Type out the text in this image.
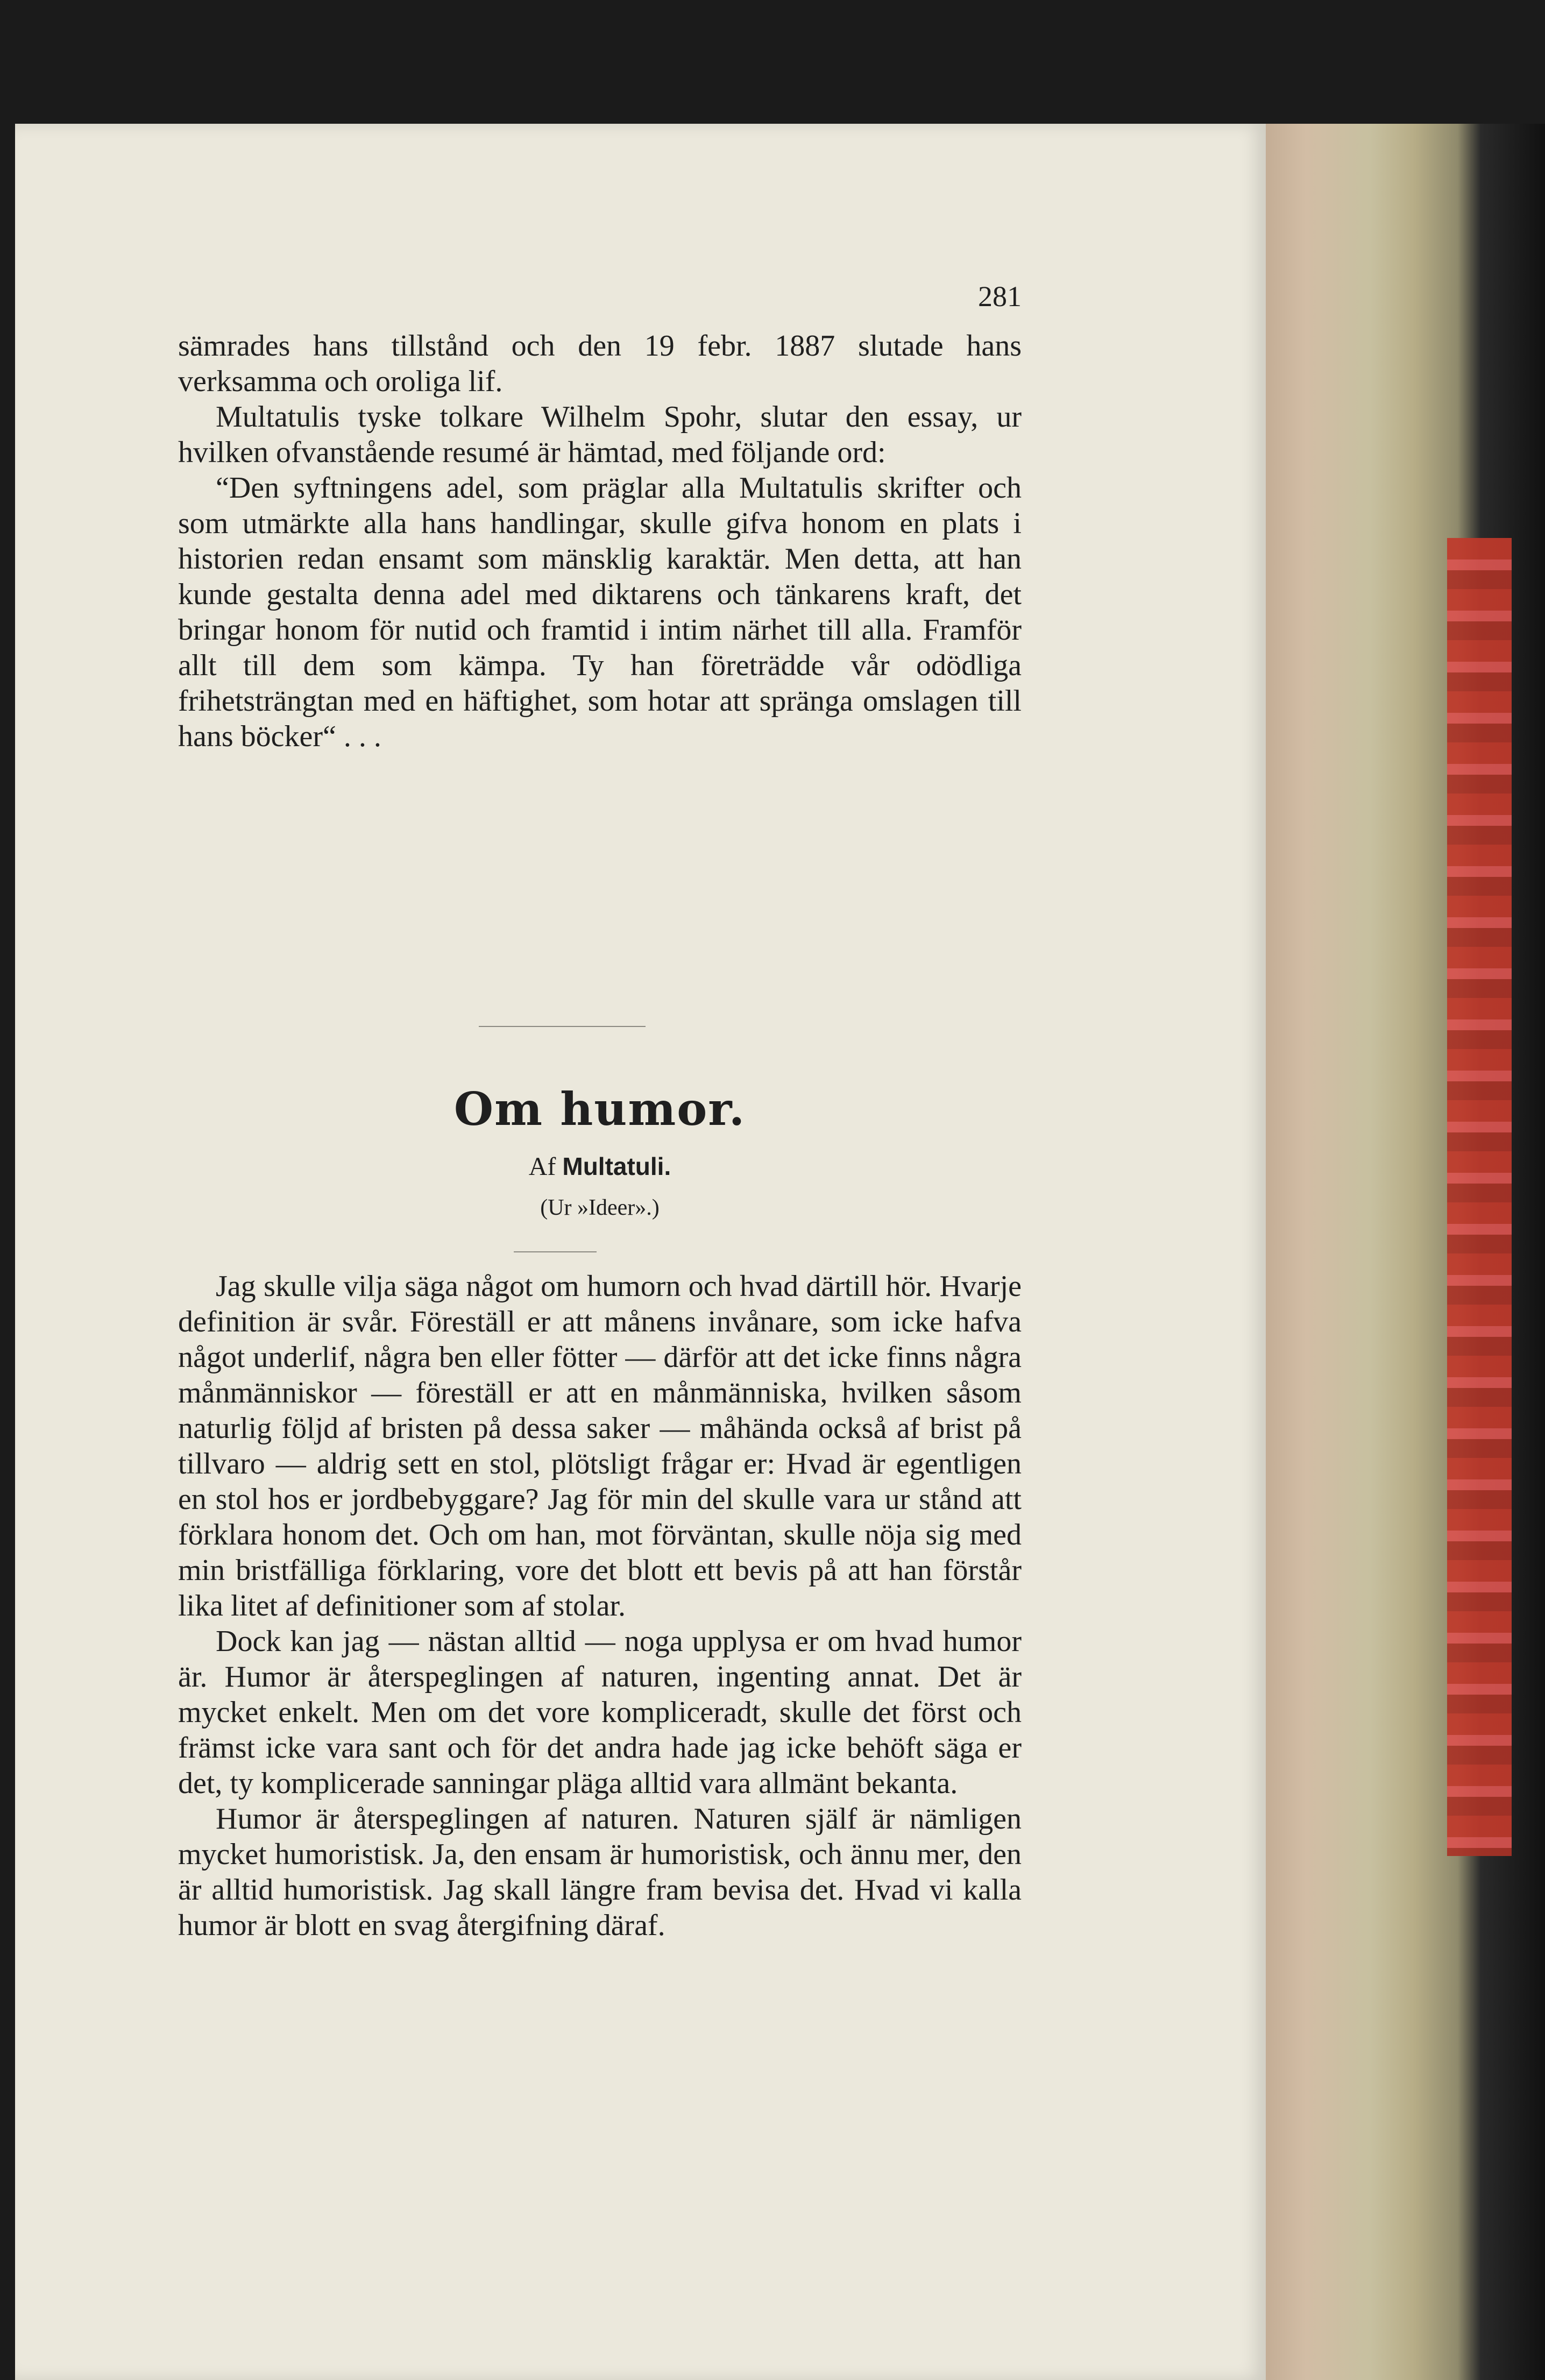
281

sämrades hans tillstånd och den 19 febr. 1887 slutade hans verksamma och oroliga lif.

Multatulis tyske tolkare Wilhelm Spohr, slutar den essay, ur hvilken ofvanstående resumé är hämtad, med följande ord:

“Den syftningens adel, som präglar alla Multatulis skrifter och som utmärkte alla hans handlingar, skulle gifva honom en plats i historien redan ensamt som mänsklig karaktär. Men detta, att han kunde gestalta denna adel med diktarens och tänkarens kraft, det bringar honom för nutid och framtid i intim närhet till alla. Framför allt till dem som kämpa. Ty han företrädde vår odödliga frihetsträngtan med en häftighet, som hotar att spränga omslagen till hans böcker“ . . .

Om humor.
Af Multatuli.
(Ur »Ideer».)

Jag skulle vilja säga något om humorn och hvad därtill hör. Hvarje definition är svår. Föreställ er att månens invånare, som icke hafva något underlif, några ben eller fötter — därför att det icke finns några månmänniskor — föreställ er att en månmänniska, hvilken såsom naturlig följd af bristen på dessa saker — måhända också af brist på tillvaro — aldrig sett en stol, plötsligt frågar er: Hvad är egentligen en stol hos er jordbebyggare? Jag för min del skulle vara ur stånd att förklara honom det. Och om han, mot förväntan, skulle nöja sig med min bristfälliga förklaring, vore det blott ett bevis på att han förstår lika litet af definitioner som af stolar.

Dock kan jag — nästan alltid — noga upplysa er om hvad humor är. Humor är återspeglingen af naturen, ingenting annat. Det är mycket enkelt. Men om det vore kompliceradt, skulle det först och främst icke vara sant och för det andra hade jag icke behöft säga er det, ty komplicerade sanningar pläga alltid vara allmänt bekanta.

Humor är återspeglingen af naturen. Naturen själf är nämligen mycket humoristisk. Ja, den ensam är humoristisk, och ännu mer, den är alltid humoristisk. Jag skall längre fram bevisa det. Hvad vi kalla humor är blott en svag återgifning däraf.
